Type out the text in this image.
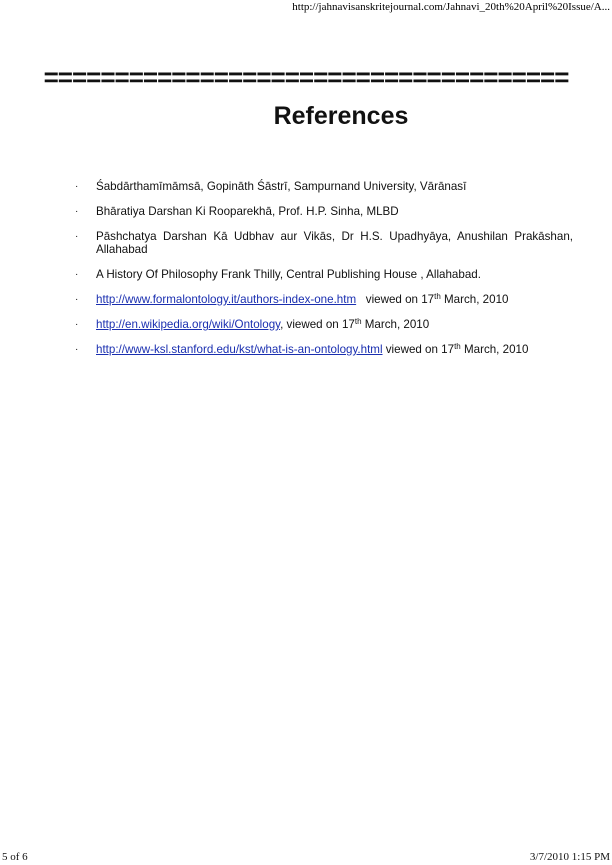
http://jahnavisanskritejournal.com/Jahnavi_20th%20April%20Issue/A...
=====================================
References
· Śabdārthamīmāmsā, Gopināth Śāstrī, Sampurnand University, Vārānasī
· Bhāratiya Darshan Ki Rooparekhā, Prof. H.P. Sinha, MLBD
· Pāshchatya Darshan Kā Udbhav aur Vikās, Dr H.S. Upadhyāya, Anushilan Prakāshan, Allahabad
· A History Of Philosophy Frank Thilly, Central Publishing House , Allahabad.
· http://www.formalontology.it/authors-index-one.htm   viewed on 17th March, 2010
· http://en.wikipedia.org/wiki/Ontology, viewed on 17th March, 2010
· http://www-ksl.stanford.edu/kst/what-is-an-ontology.html viewed on 17th March, 2010
5 of 6	3/7/2010 1:15 PM
